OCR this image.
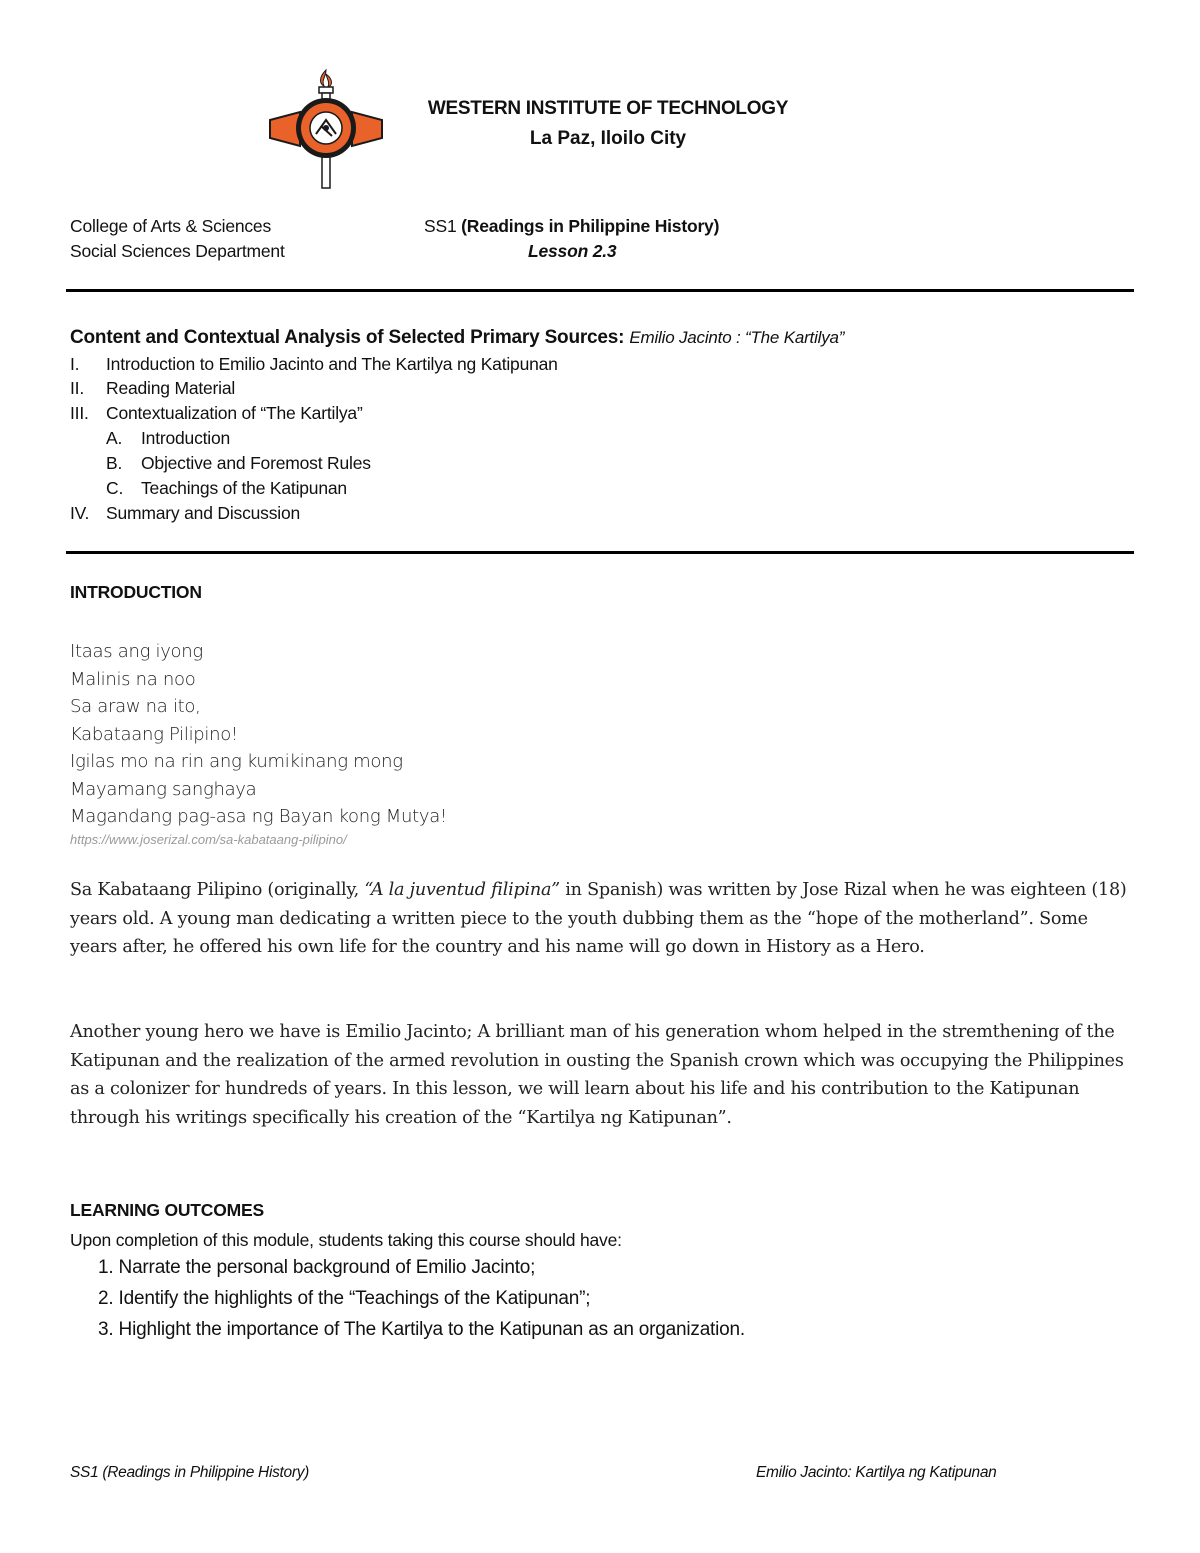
WESTERN INSTITUTE OF TECHNOLOGY
La Paz, Iloilo City
College of Arts & Sciences
Social Sciences Department
SS1 (Readings in Philippine History)
Lesson 2.3
Content and Contextual Analysis of Selected Primary Sources: Emilio Jacinto : “The Kartilya”
I. Introduction to Emilio Jacinto and The Kartilya ng Katipunan
II. Reading Material
III. Contextualization of “The Kartilya”
A. Introduction
B. Objective and Foremost Rules
C. Teachings of the Katipunan
IV. Summary and Discussion
INTRODUCTION
Itaas ang iyong
Malinis na noo
Sa araw na ito,
Kabataang Pilipino!
Igilas mo na rin ang kumikinang mong
Mayamang sanghaya
Magandang pag-asa ng Bayan kong Mutya!
https://www.joserizal.com/sa-kabataang-pilipino/
Sa Kabataang Pilipino (originally, “A la juventud filipina” in Spanish) was written by Jose Rizal when he was eighteen (18) years old. A young man dedicating a written piece to the youth dubbing them as the “hope of the motherland”. Some years after, he offered his own life for the country and his name will go down in History as a Hero.
Another young hero we have is Emilio Jacinto; A brilliant man of his generation whom helped in the stremthening of the Katipunan and the realization of the armed revolution in ousting the Spanish crown which was occupying the Philippines as a colonizer for hundreds of years. In this lesson, we will learn about his life and his contribution to the Katipunan through his writings specifically his creation of the “Kartilya ng Katipunan”.
LEARNING OUTCOMES
Upon completion of this module, students taking this course should have:
1. Narrate the personal background of Emilio Jacinto;
2. Identify the highlights of the “Teachings of the Katipunan”;
3. Highlight the importance of The Kartilya to the Katipunan as an organization.
SS1 (Readings in Philippine History)	Emilio Jacinto: Kartilya ng Katipunan
